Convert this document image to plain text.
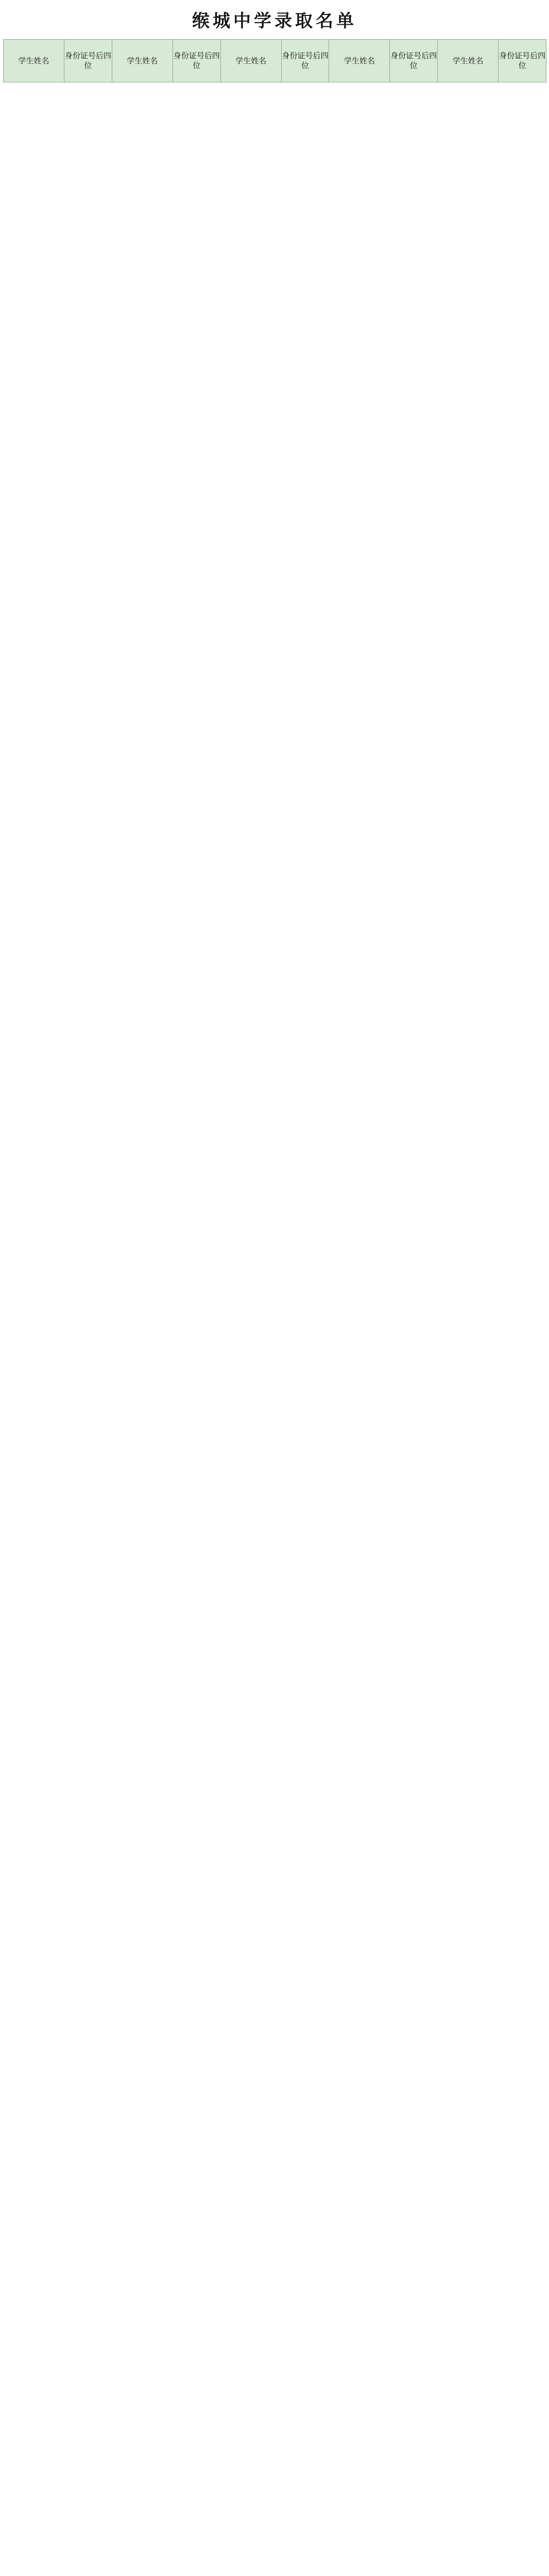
缑城中学录取名单
学生姓名	身份证号后四位	学生姓名	身份证号后四位	学生姓名	身份证号后四位	学生姓名	身份证号后四位	学生姓名	身份证号后四位
